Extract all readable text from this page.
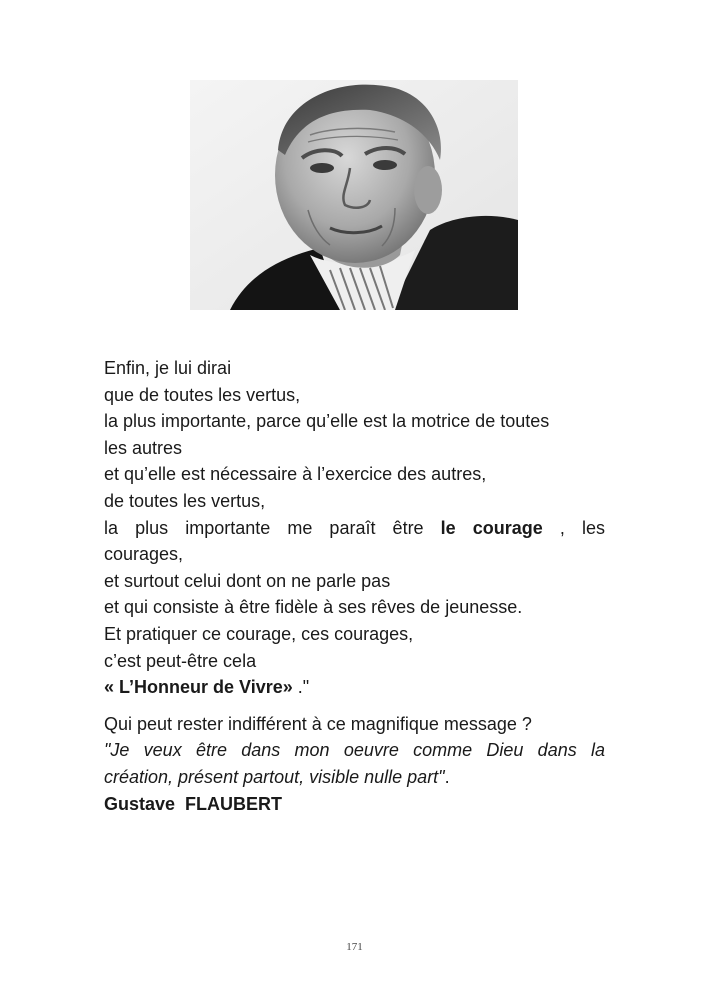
Enfin, je lui dirai
que de toutes les vertus,
la plus importante, parce qu’elle est la motrice de toutes
les autres
et qu’elle est nécessaire à l’exercice des autres,
de toutes les vertus,
la plus importante me paraît être le courage , les
courages,
et surtout celui dont on ne parle pas
et qui consiste à être fidèle à ses rêves de jeunesse.
Et pratiquer ce courage, ces courages,
c’est peut-être cela
« L’Honneur de Vivre» ."
Qui peut rester indifférent à ce magnifique message ?
"Je veux être dans mon oeuvre comme Dieu dans la
création, présent partout, visible nulle part".
Gustave  FLAUBERT
171
